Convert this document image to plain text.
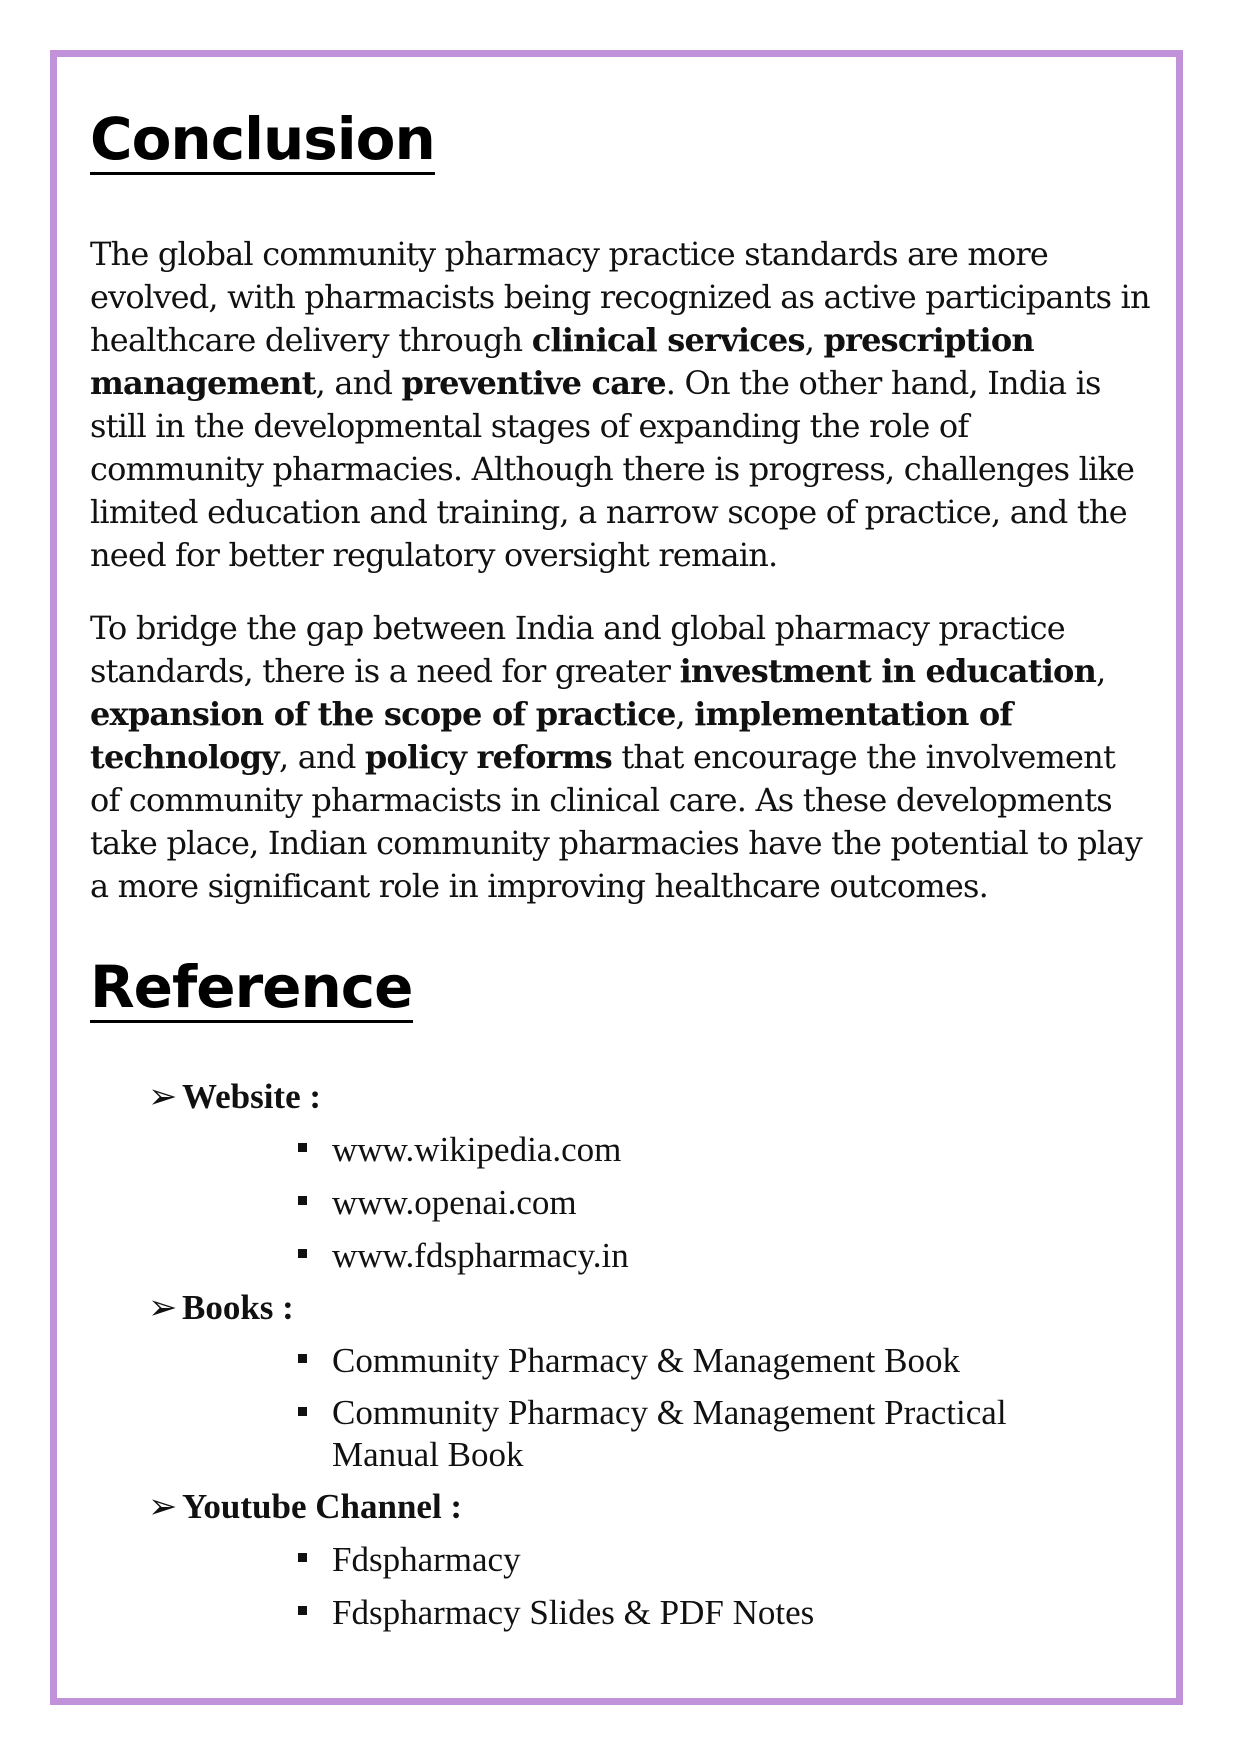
Conclusion

The global community pharmacy practice standards are more evolved, with pharmacists being recognized as active participants in healthcare delivery through clinical services, prescription management, and preventive care. On the other hand, India is still in the developmental stages of expanding the role of community pharmacies. Although there is progress, challenges like limited education and training, a narrow scope of practice, and the need for better regulatory oversight remain.

To bridge the gap between India and global pharmacy practice standards, there is a need for greater investment in education, expansion of the scope of practice, implementation of technology, and policy reforms that encourage the involvement of community pharmacists in clinical care. As these developments take place, Indian community pharmacies have the potential to play a more significant role in improving healthcare outcomes.

Reference
➢ Website :
www.wikipedia.com
www.openai.com
www.fdspharmacy.in
➢ Books :
Community Pharmacy & Management Book
Community Pharmacy & Management Practical Manual Book
➢ Youtube Channel :
Fdspharmacy
Fdspharmacy Slides & PDF Notes
